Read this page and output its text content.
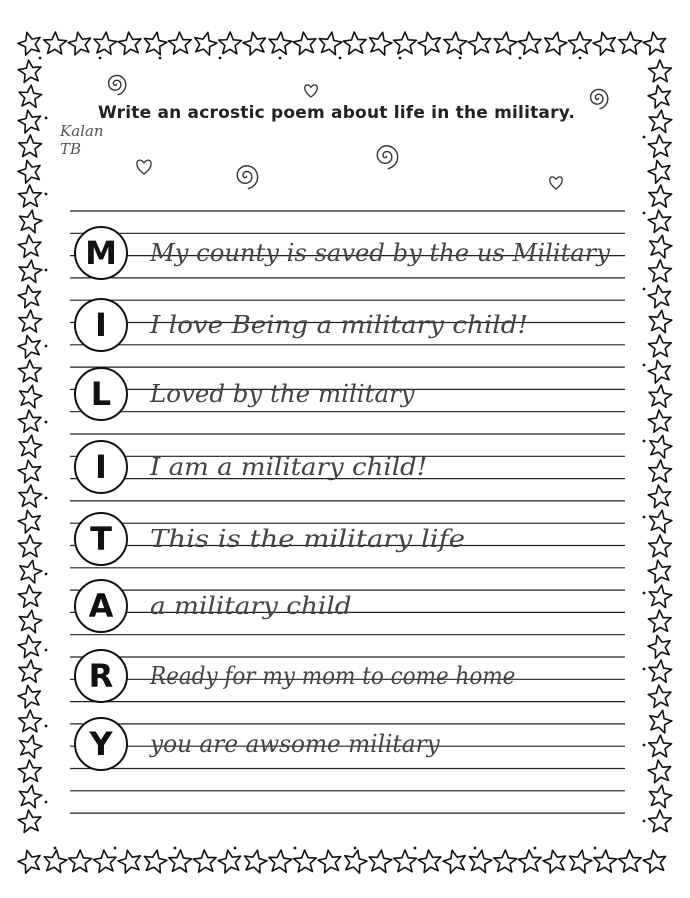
M My county is saved by the us Military
I I love Being a military child!
L Loved by the military
I I am a military child!
T This is the military life
A a military child
R Ready for my mom to come home
Y you are awsome military
Write an acrostic poem about life in the military.
Kalan
TB
